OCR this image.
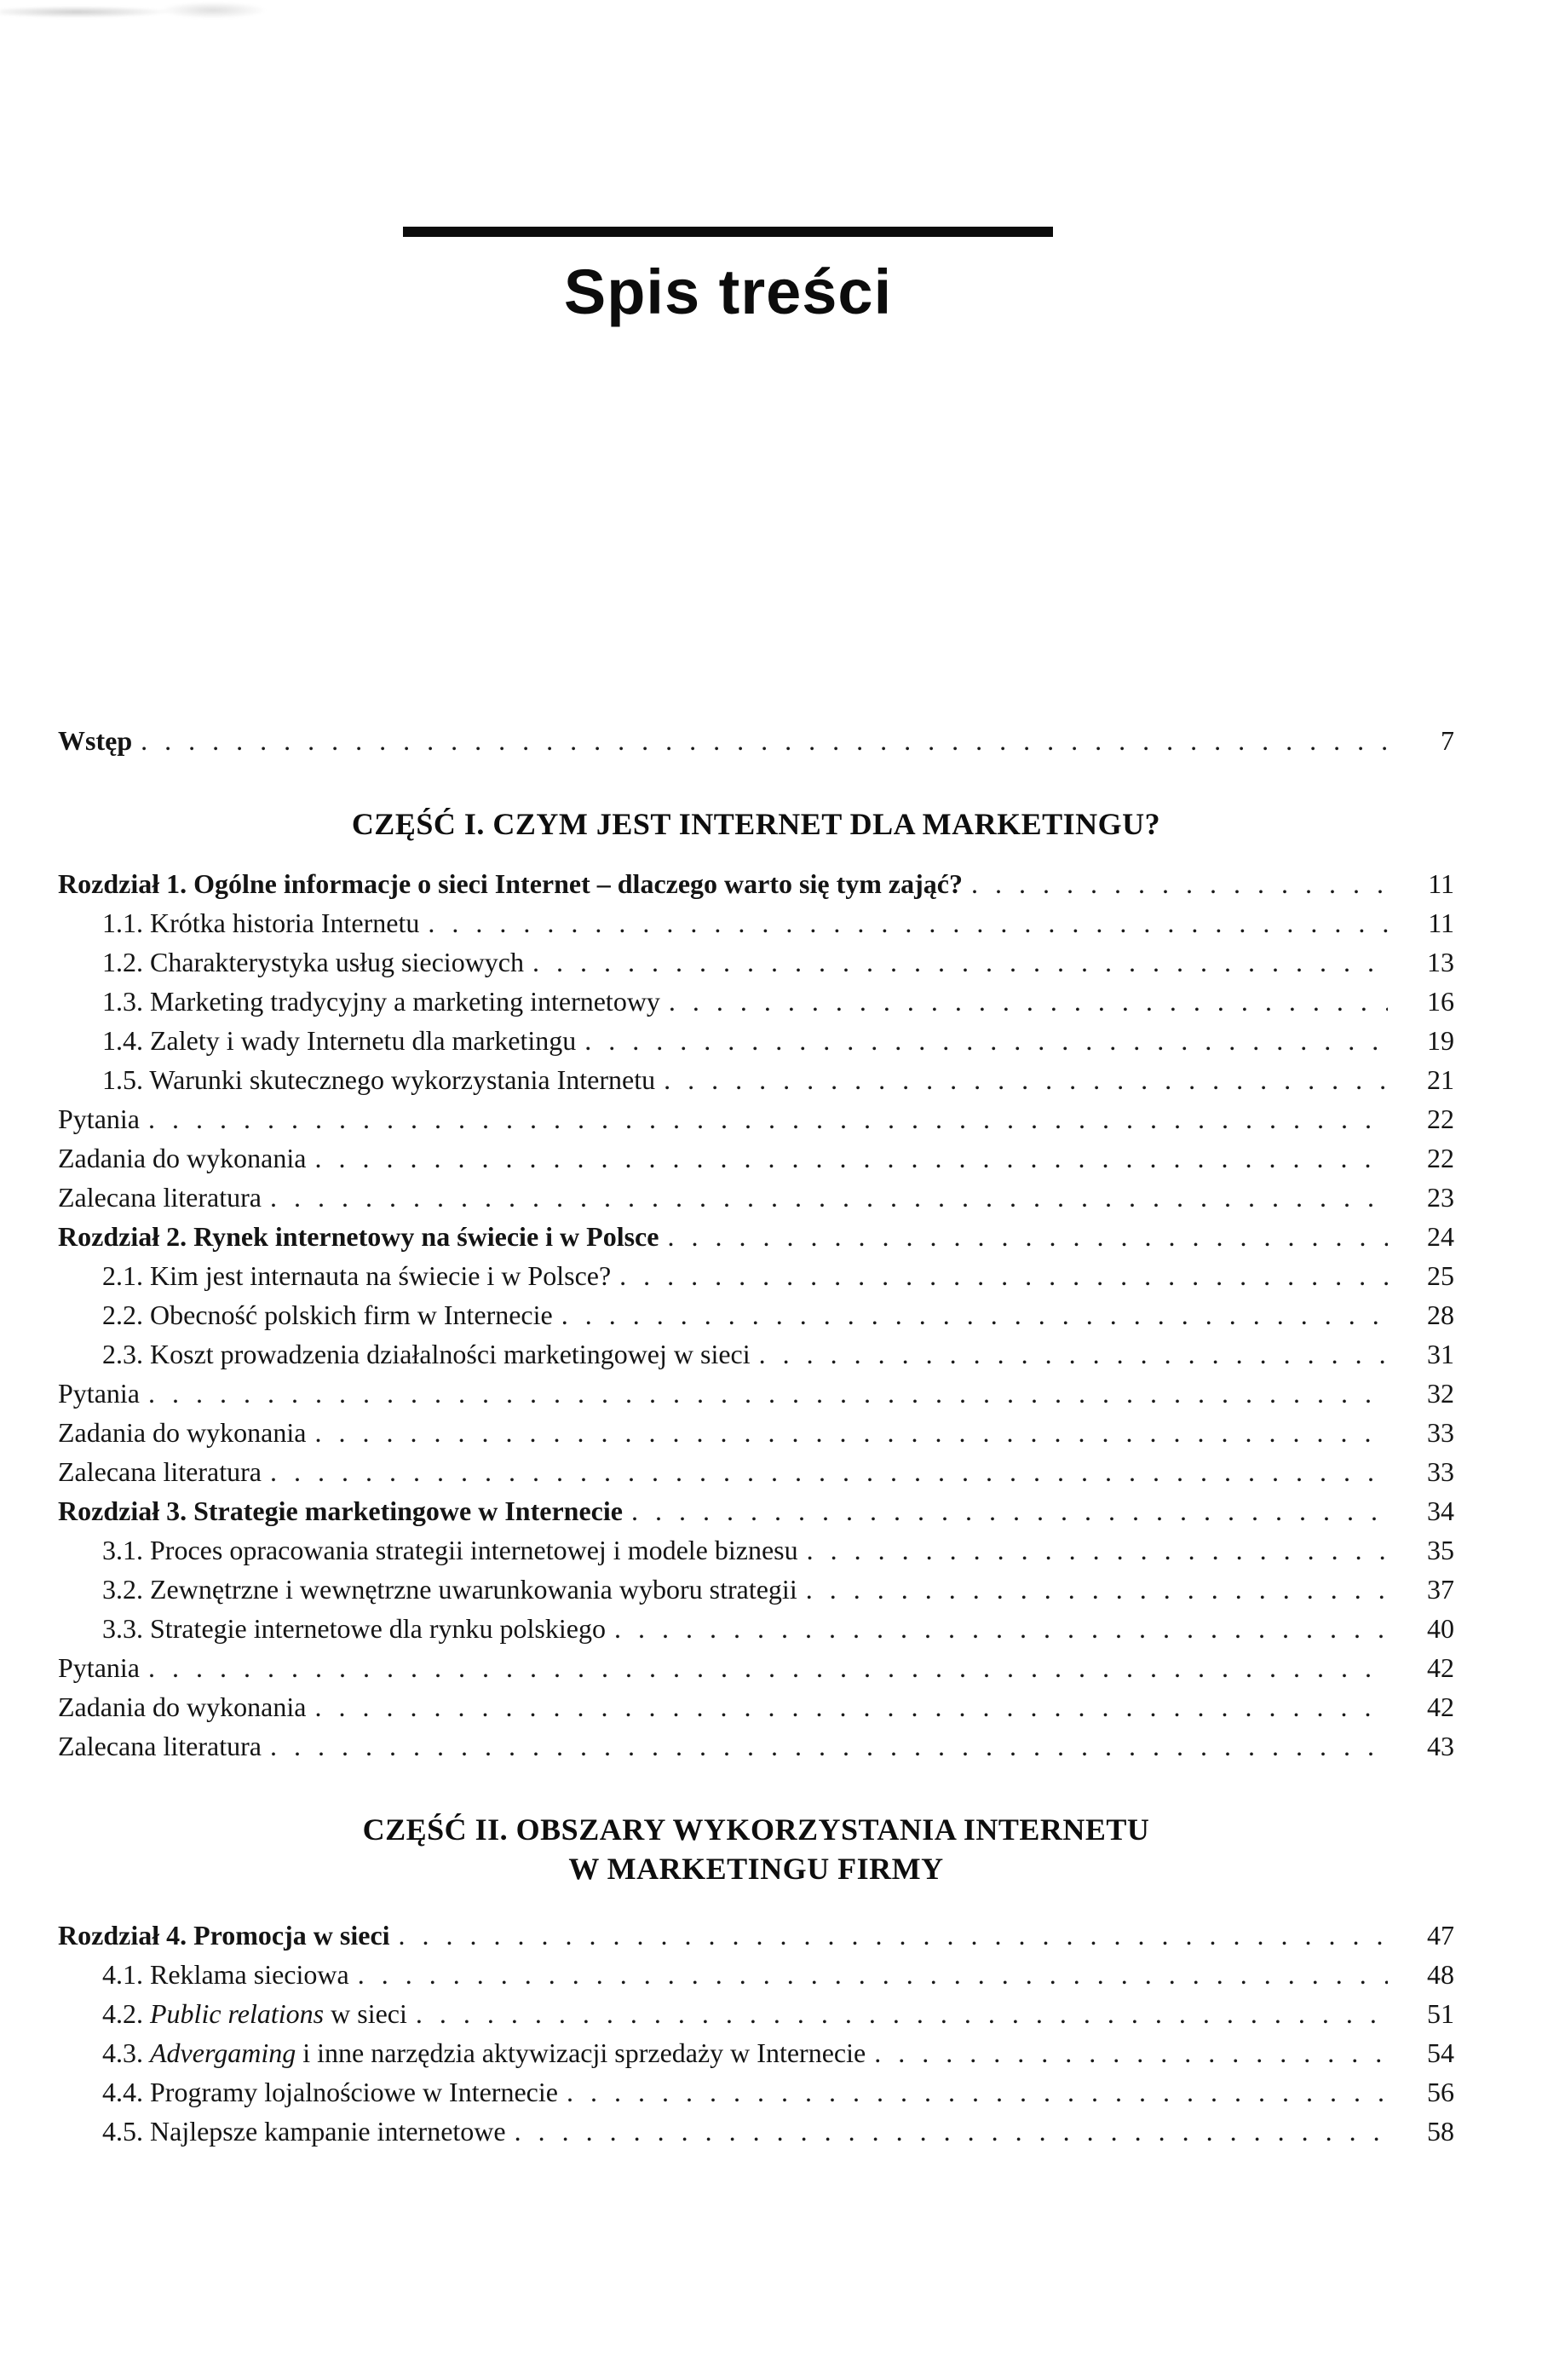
Spis treści
Wstęp . . .	7
CZĘŚĆ I. CZYM JEST INTERNET DLA MARKETINGU?
Rozdział 1. Ogólne informacje o sieci Internet – dlaczego warto się tym zająć? . . .	11
1.1. Krótka historia Internetu . . .	11
1.2. Charakterystyka usług sieciowych . . .	13
1.3. Marketing tradycyjny a marketing internetowy . . .	16
1.4. Zalety i wady Internetu dla marketingu . . .	19
1.5. Warunki skutecznego wykorzystania Internetu . . .	21
Pytania . . .	22
Zadania do wykonania . . .	22
Zalecana literatura . . .	23
Rozdział 2. Rynek internetowy na świecie i w Polsce . . .	24
2.1. Kim jest internauta na świecie i w Polsce? . . .	25
2.2. Obecność polskich firm w Internecie . . .	28
2.3. Koszt prowadzenia działalności marketingowej w sieci . . .	31
Pytania . . .	32
Zadania do wykonania . . .	33
Zalecana literatura . . .	33
Rozdział 3. Strategie marketingowe w Internecie . . .	34
3.1. Proces opracowania strategii internetowej i modele biznesu . . .	35
3.2. Zewnętrzne i wewnętrzne uwarunkowania wyboru strategii . . .	37
3.3. Strategie internetowe dla rynku polskiego . . .	40
Pytania . . .	42
Zadania do wykonania . . .	42
Zalecana literatura . . .	43
CZĘŚĆ II. OBSZARY WYKORZYSTANIA INTERNETU
W MARKETINGU FIRMY
Rozdział 4. Promocja w sieci . . .	47
4.1. Reklama sieciowa . . .	48
4.2. Public relations w sieci . . .	51
4.3. Advergaming i inne narzędzia aktywizacji sprzedaży w Internecie . . .	54
4.4. Programy lojalnościowe w Internecie . . .	56
4.5. Najlepsze kampanie internetowe . . .	58
